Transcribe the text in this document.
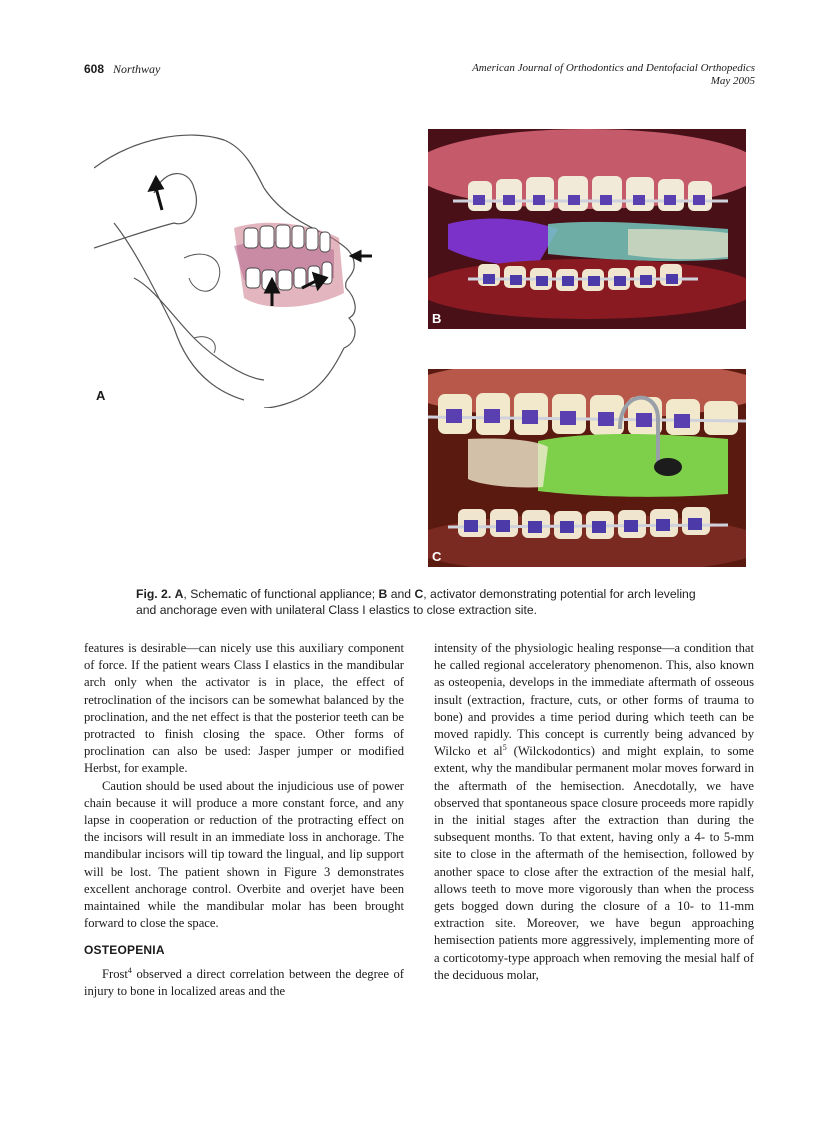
608 Northway	American Journal of Orthodontics and Dentofacial Orthopedics
May 2005
A
B
C
Fig. 2. A, Schematic of functional appliance; B and C, activator demonstrating potential for arch leveling and anchorage even with unilateral Class I elastics to close extraction site.

features is desirable—can nicely use this auxiliary component of force. If the patient wears Class I elastics in the mandibular arch only when the activator is in place, the effect of retroclination of the incisors can be somewhat balanced by the proclination, and the net effect is that the posterior teeth can be protracted to finish closing the space. Other forms of proclination can also be used: Jasper jumper or modified Herbst, for example.

Caution should be used about the injudicious use of power chain because it will produce a more constant force, and any lapse in cooperation or reduction of the protracting effect on the incisors will result in an immediate loss in anchorage. The mandibular incisors will tip toward the lingual, and lip support will be lost. The patient shown in Figure 3 demonstrates excellent anchorage control. Overbite and overjet have been maintained while the mandibular molar has been brought forward to close the space.

OSTEOPENIA

Frost$^4$ observed a direct correlation between the degree of injury to bone in localized areas and the

intensity of the physiologic healing response—a condition that he called regional acceleratory phenomenon. This, also known as osteopenia, develops in the immediate aftermath of osseous insult (extraction, fracture, cuts, or other forms of trauma to bone) and provides a time period during which teeth can be moved rapidly. This concept is currently being advanced by Wilcko et $al^5$ (Wilckodontics) and might explain, to some extent, why the mandibular permanent molar moves forward in the aftermath of the hemisection. Anecdotally, we have observed that spontaneous space closure proceeds more rapidly in the initial stages after the extraction than during the subsequent months. To that extent, having only a 4- to 5-mm site to close in the aftermath of the hemisection, followed by another space to close after the extraction of the mesial half, allows teeth to move more vigorously than when the process gets bogged down during the closure of a 10- to 11-mm extraction site. Moreover, we have begun approaching hemisection patients more aggressively, implementing more of a corticotomy-type approach when removing the mesial half of the deciduous molar,
